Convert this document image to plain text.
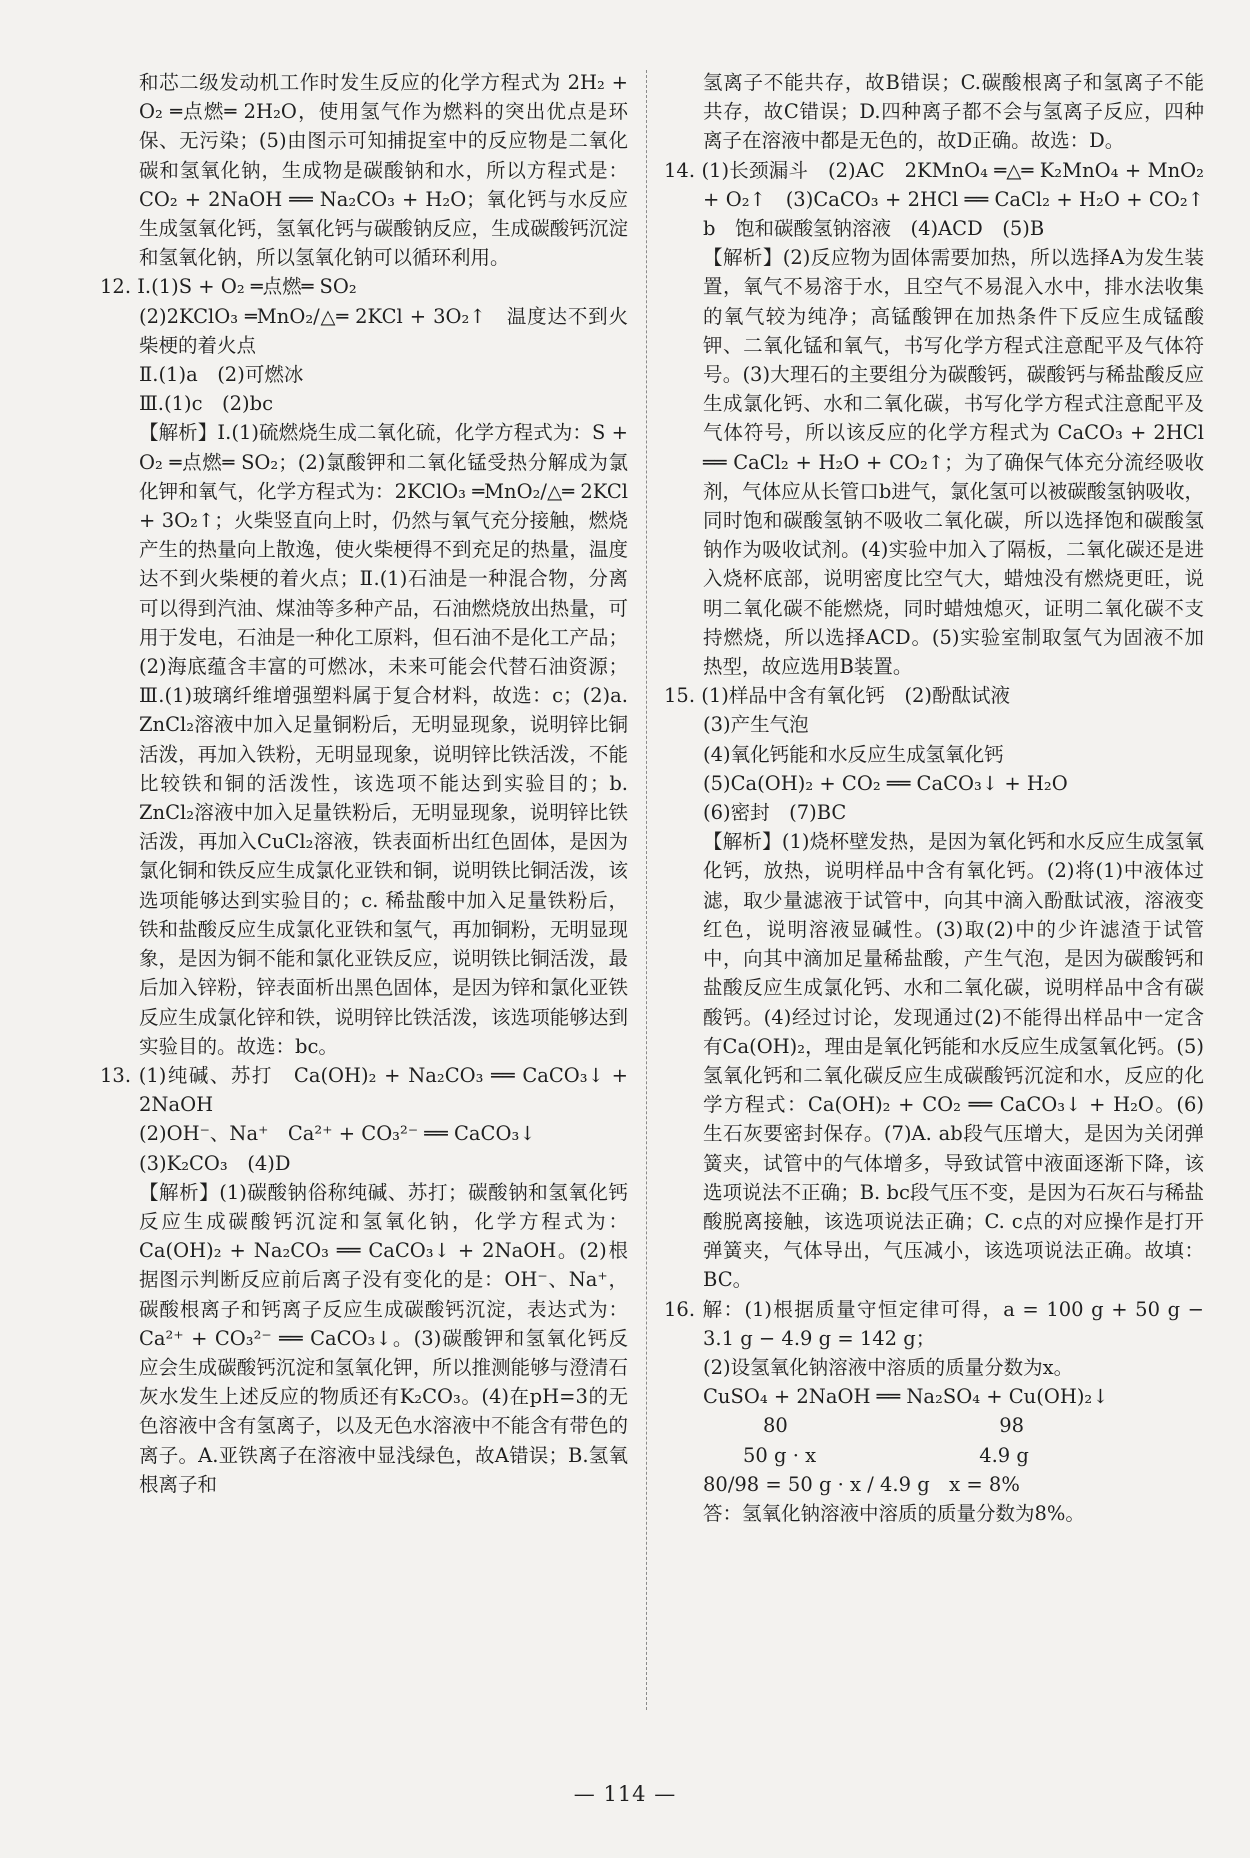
和芯二级发动机工作时发生反应的化学方程式为 2H₂ + O₂ ═点燃═ 2H₂O，使用氢气作为燃料的突出优点是环保、无污染；(5)由图示可知捕捉室中的反应物是二氧化碳和氢氧化钠，生成物是碳酸钠和水，所以方程式是：CO₂ + 2NaOH ══ Na₂CO₃ + H₂O；氧化钙与水反应生成氢氧化钙，氢氧化钙与碳酸钠反应，生成碳酸钙沉淀和氢氧化钠，所以氢氧化钠可以循环利用。

12. Ⅰ.(1)S + O₂ ═点燃═ SO₂

(2)2KClO₃ ═MnO₂/△═ 2KCl + 3O₂↑　温度达不到火柴梗的着火点

Ⅱ.(1)a　(2)可燃冰

Ⅲ.(1)c　(2)bc

【解析】Ⅰ.(1)硫燃烧生成二氧化硫，化学方程式为：S + O₂ ═点燃═ SO₂；(2)氯酸钾和二氧化锰受热分解成为氯化钾和氧气，化学方程式为：2KClO₃ ═MnO₂/△═ 2KCl + 3O₂↑；火柴竖直向上时，仍然与氧气充分接触，燃烧产生的热量向上散逸，使火柴梗得不到充足的热量，温度达不到火柴梗的着火点；Ⅱ.(1)石油是一种混合物，分离可以得到汽油、煤油等多种产品，石油燃烧放出热量，可用于发电，石油是一种化工原料，但石油不是化工产品；(2)海底蕴含丰富的可燃冰，未来可能会代替石油资源；Ⅲ.(1)玻璃纤维增强塑料属于复合材料，故选：c；(2)a. ZnCl₂溶液中加入足量铜粉后，无明显现象，说明锌比铜活泼，再加入铁粉，无明显现象，说明锌比铁活泼，不能比较铁和铜的活泼性，该选项不能达到实验目的；b. ZnCl₂溶液中加入足量铁粉后，无明显现象，说明锌比铁活泼，再加入CuCl₂溶液，铁表面析出红色固体，是因为氯化铜和铁反应生成氯化亚铁和铜，说明铁比铜活泼，该选项能够达到实验目的；c. 稀盐酸中加入足量铁粉后，铁和盐酸反应生成氯化亚铁和氢气，再加铜粉，无明显现象，是因为铜不能和氯化亚铁反应，说明铁比铜活泼，最后加入锌粉，锌表面析出黑色固体，是因为锌和氯化亚铁反应生成氯化锌和铁，说明锌比铁活泼，该选项能够达到实验目的。故选：bc。

13. (1)纯碱、苏打　Ca(OH)₂ + Na₂CO₃ ══ CaCO₃↓ + 2NaOH

(2)OH⁻、Na⁺　Ca²⁺ + CO₃²⁻ ══ CaCO₃↓

(3)K₂CO₃　(4)D

【解析】(1)碳酸钠俗称纯碱、苏打；碳酸钠和氢氧化钙反应生成碳酸钙沉淀和氢氧化钠，化学方程式为：Ca(OH)₂ + Na₂CO₃ ══ CaCO₃↓ + 2NaOH。(2)根据图示判断反应前后离子没有变化的是：OH⁻、Na⁺，碳酸根离子和钙离子反应生成碳酸钙沉淀，表达式为：Ca²⁺ + CO₃²⁻ ══ CaCO₃↓。(3)碳酸钾和氢氧化钙反应会生成碳酸钙沉淀和氢氧化钾，所以推测能够与澄清石灰水发生上述反应的物质还有K₂CO₃。(4)在pH=3的无色溶液中含有氢离子，以及无色水溶液中不能含有带色的离子。A.亚铁离子在溶液中显浅绿色，故A错误；B.氢氧根离子和

氢离子不能共存，故B错误；C.碳酸根离子和氢离子不能共存，故C错误；D.四种离子都不会与氢离子反应，四种离子在溶液中都是无色的，故D正确。故选：D。

14. (1)长颈漏斗　(2)AC　2KMnO₄ ═△═ K₂MnO₄ + MnO₂ + O₂↑　(3)CaCO₃ + 2HCl ══ CaCl₂ + H₂O + CO₂↑　b　饱和碳酸氢钠溶液　(4)ACD　(5)B

【解析】(2)反应物为固体需要加热，所以选择A为发生装置，氧气不易溶于水，且空气不易混入水中，排水法收集的氧气较为纯净；高锰酸钾在加热条件下反应生成锰酸钾、二氧化锰和氧气，书写化学方程式注意配平及气体符号。(3)大理石的主要组分为碳酸钙，碳酸钙与稀盐酸反应生成氯化钙、水和二氧化碳，书写化学方程式注意配平及气体符号，所以该反应的化学方程式为 CaCO₃ + 2HCl ══ CaCl₂ + H₂O + CO₂↑；为了确保气体充分流经吸收剂，气体应从长管口b进气，氯化氢可以被碳酸氢钠吸收，同时饱和碳酸氢钠不吸收二氧化碳，所以选择饱和碳酸氢钠作为吸收试剂。(4)实验中加入了隔板，二氧化碳还是进入烧杯底部，说明密度比空气大，蜡烛没有燃烧更旺，说明二氧化碳不能燃烧，同时蜡烛熄灭，证明二氧化碳不支持燃烧，所以选择ACD。(5)实验室制取氢气为固液不加热型，故应选用B装置。

15. (1)样品中含有氧化钙　(2)酚酞试液

(3)产生气泡

(4)氧化钙能和水反应生成氢氧化钙

(5)Ca(OH)₂ + CO₂ ══ CaCO₃↓ + H₂O

(6)密封　(7)BC

【解析】(1)烧杯壁发热，是因为氧化钙和水反应生成氢氧化钙，放热，说明样品中含有氧化钙。(2)将(1)中液体过滤，取少量滤液于试管中，向其中滴入酚酞试液，溶液变红色，说明溶液显碱性。(3)取(2)中的少许滤渣于试管中，向其中滴加足量稀盐酸，产生气泡，是因为碳酸钙和盐酸反应生成氯化钙、水和二氧化碳，说明样品中含有碳酸钙。(4)经过讨论，发现通过(2)不能得出样品中一定含有Ca(OH)₂，理由是氧化钙能和水反应生成氢氧化钙。(5)氢氧化钙和二氧化碳反应生成碳酸钙沉淀和水，反应的化学方程式：Ca(OH)₂ + CO₂ ══ CaCO₃↓ + H₂O。(6)生石灰要密封保存。(7)A. ab段气压增大，是因为关闭弹簧夹，试管中的气体增多，导致试管中液面逐渐下降，该选项说法不正确；B. bc段气压不变，是因为石灰石与稀盐酸脱离接触，该选项说法正确；C. c点的对应操作是打开弹簧夹，气体导出，气压减小，该选项说法正确。故填：BC。

16. 解：(1)根据质量守恒定律可得，a = 100 g + 50 g − 3.1 g − 4.9 g = 142 g；

(2)设氢氧化钠溶液中溶质的质量分数为x。

CuSO₄ + 2NaOH ══ Na₂SO₄ + Cu(OH)₂↓

80	98
50 g · x	4.9 g

80/98 = 50 g · x / 4.9 g　x = 8%

答：氢氧化钠溶液中溶质的质量分数为8%。

— 114 —
